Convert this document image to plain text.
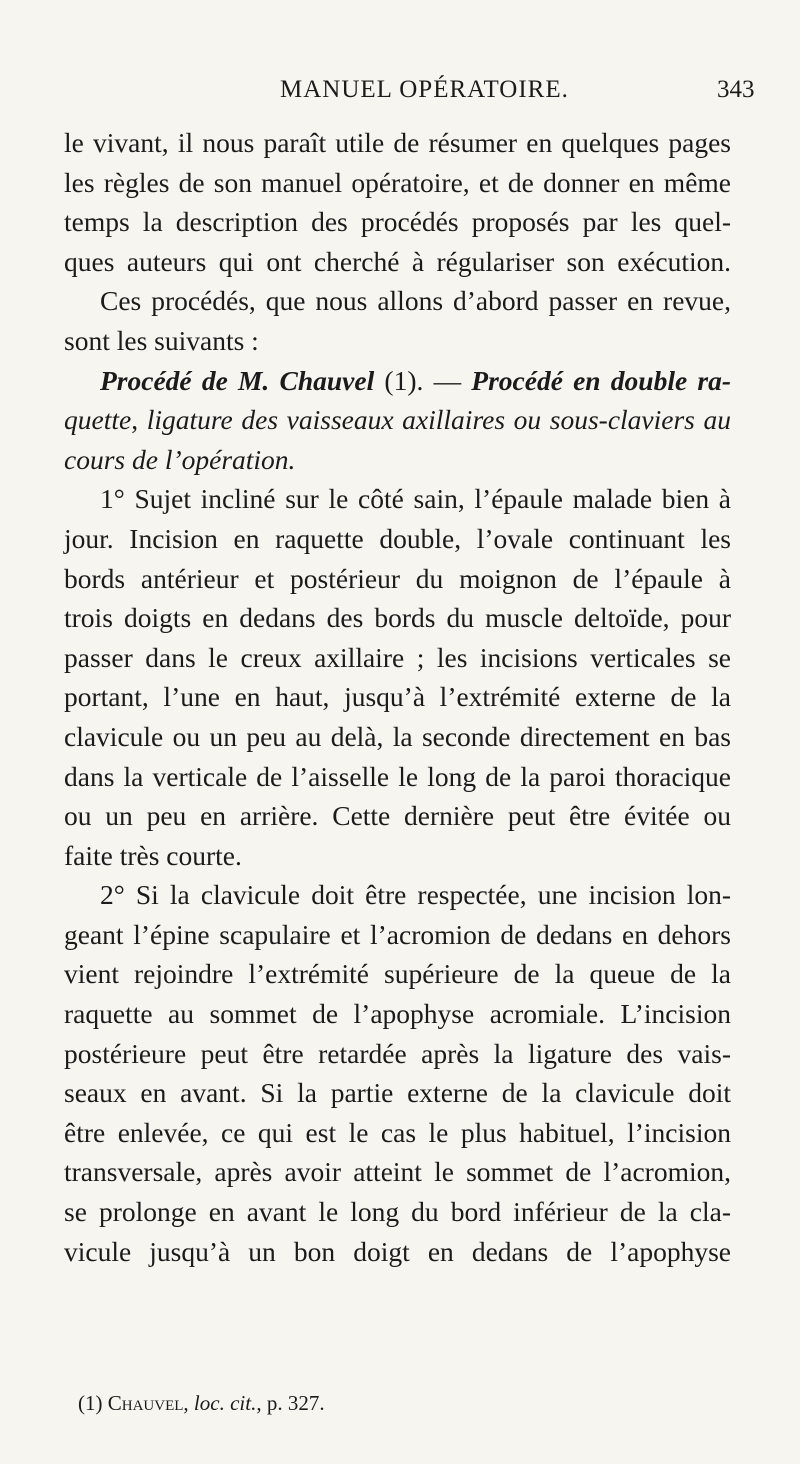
MANUEL OPÉRATOIRE.	343
le vivant, il nous paraît utile de résumer en quelques pages
les règles de son manuel opératoire, et de donner en même
temps la description des procédés proposés par les quel-
ques auteurs qui ont cherché à régulariser son exécution.
Ces procédés, que nous allons d’abord passer en revue,
sont les suivants :
Procédé de M. Chauvel (1). — Procédé en double ra-
quette, ligature des vaisseaux axillaires ou sous-claviers au
cours de l’opération.
1° Sujet incliné sur le côté sain, l’épaule malade bien à
jour. Incision en raquette double, l’ovale continuant les
bords antérieur et postérieur du moignon de l’épaule à
trois doigts en dedans des bords du muscle deltoïde, pour
passer dans le creux axillaire ; les incisions verticales se
portant, l’une en haut, jusqu’à l’extrémité externe de la
clavicule ou un peu au delà, la seconde directement en bas
dans la verticale de l’aisselle le long de la paroi thoracique
ou un peu en arrière. Cette dernière peut être évitée ou
faite très courte.
2° Si la clavicule doit être respectée, une incision lon-
geant l’épine scapulaire et l’acromion de dedans en dehors
vient rejoindre l’extrémité supérieure de la queue de la
raquette au sommet de l’apophyse acromiale. L’incision
postérieure peut être retardée après la ligature des vais-
seaux en avant. Si la partie externe de la clavicule doit
être enlevée, ce qui est le cas le plus habituel, l’incision
transversale, après avoir atteint le sommet de l’acromion,
se prolonge en avant le long du bord inférieur de la cla-
vicule jusqu’à un bon doigt en dedans de l’apophyse
(1) Chauvel, loc. cit., p. 327.
